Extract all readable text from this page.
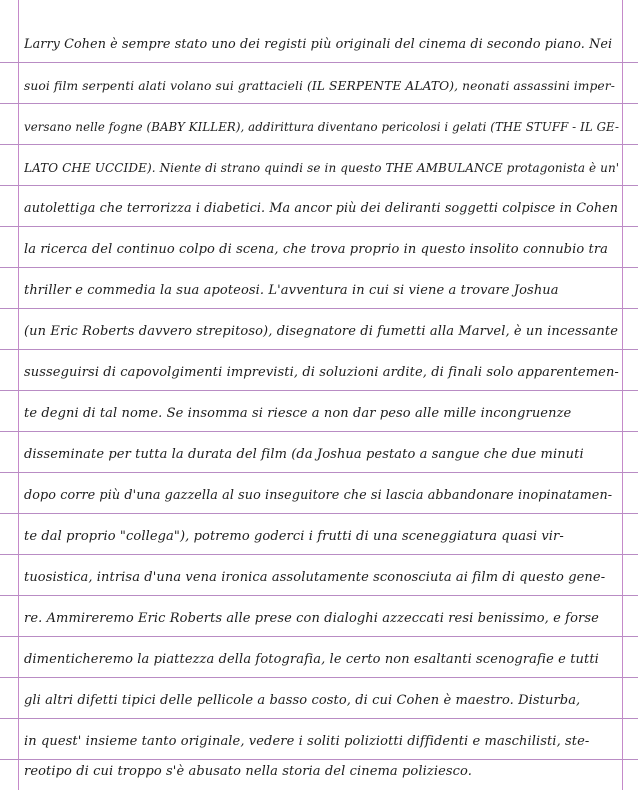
Larry Cohen è sempre stato uno dei registi più originali del cinema di secondo piano. Nei
suoi film serpenti alati volano sui grattacieli (IL SERPENTE ALATO), neonati assassini imper-
versano nelle fogne (BABY KILLER), addirittura diventano pericolosi i gelati (THE STUFF - IL GE-
LATO CHE UCCIDE). Niente di strano quindi se in questo THE AMBULANCE protagonista è un'
autolettiga che terrorizza i diabetici. Ma ancor più dei deliranti soggetti colpisce in Cohen
la ricerca del continuo colpo di scena, che trova proprio in questo insolito connubio tra
thriller e commedia la sua apoteosi. L'avventura in cui si viene a trovare Joshua
(un Eric Roberts davvero strepitoso), disegnatore di fumetti alla Marvel, è un incessante
susseguirsi di capovolgimenti imprevisti, di soluzioni ardite, di finali solo apparentemen-
te degni di tal nome. Se insomma si riesce a non dar peso alle mille incongruenze
disseminate per tutta la durata del film (da Joshua pestato a sangue che due minuti
dopo corre più d'una gazzella al suo inseguitore che si lascia abbandonare inopinatamen-
te dal proprio "collega"), potremo goderci i frutti di una sceneggiatura quasi vir-
tuosistica, intrisa d'una vena ironica assolutamente sconosciuta ai film di questo gene-
re. Ammireremo Eric Roberts alle prese con dialoghi azzeccati resi benissimo, e forse
dimenticheremo la piattezza della fotografia, le certo non esaltanti scenografie e tutti
gli altri difetti tipici delle pellicole a basso costo, di cui Cohen è maestro. Disturba,
in quest' insieme tanto originale, vedere i soliti poliziotti diffidenti e maschilisti, ste-
reotipo di cui troppo s'è abusato nella storia del cinema poliziesco.
